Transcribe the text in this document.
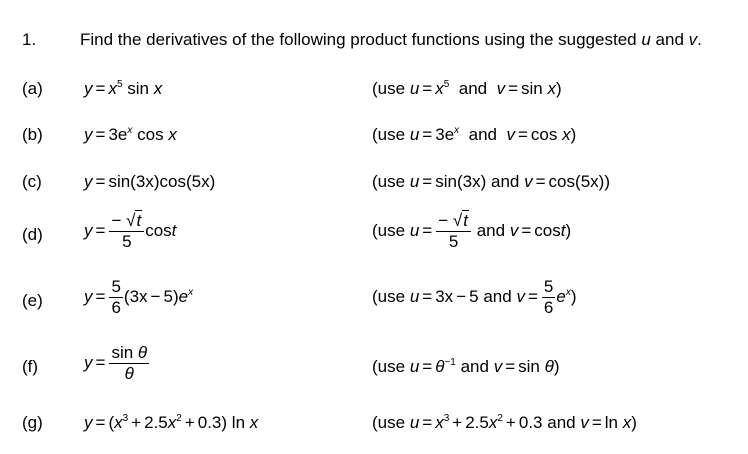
1.	Find the derivatives of the following product functions using the suggested u and v.
(a) $y = x^5$ sin x	(use $u = x^5$ and v = sin x)
(b) $y = 3e^x$ cos x	(use $u = 3e^x$ and v = cos x)
(c) y = sin(3x)cos(5x)	(use u = sin(3x) and v = cos(5x))
(d) $y = \frac{- √t}{5}$ cost	(use $u = \frac{- √t}{5}$ and v = cost)
(e) $y = \frac{5}{6} (3x - 5)e^x$	(use u = 3x − 5 and $v = \frac{5}{6} e^x$)
(f)	$y = \frac{\text{sin θ}}{\theta}$	(use $u = \theta^{-1}$ and v = sin θ)
(g) $y = (x^3 + 2.5x^2 + 0.3)$ ln x	(use $u = x^3 + 2.5x^2 + 0.3$ and v = ln x)
